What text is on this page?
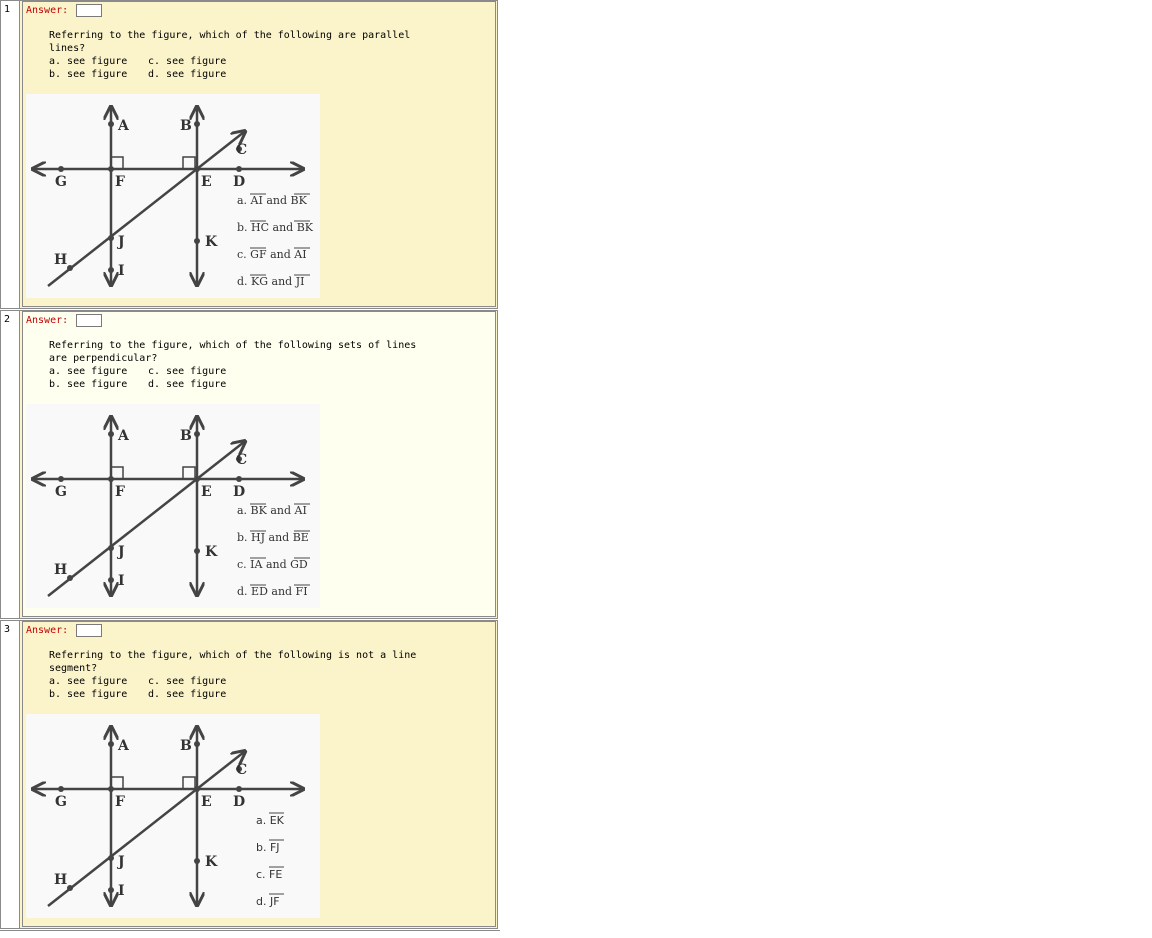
1	Answer:
Referring to the figure, which of the following are parallel lines?
a. see figure c. see figure
b. see figure d. see figure
A	B
C
D
E
F
G
H
I
J	K
a. AI and BK
b. HC and BK
c. GF and AI
d. KG and JI
2	Answer:
Referring to the figure, which of the following sets of lines are perpendicular?
a. see figure c. see figure
b. see figure d. see figure
A	B
C
D
E
F
G
H
I
J	K
a. BK and AI
b. HJ and BE
c. IA and GD
d. ED and FI
3	Answer:
Referring to the figure, which of the following is not a line segment?
a. see figure c. see figure
b. see figure d. see figure
A	B
C
D
E
F
G
H
I
J	K
a. EK
b. FJ
c. FE
d. JF
